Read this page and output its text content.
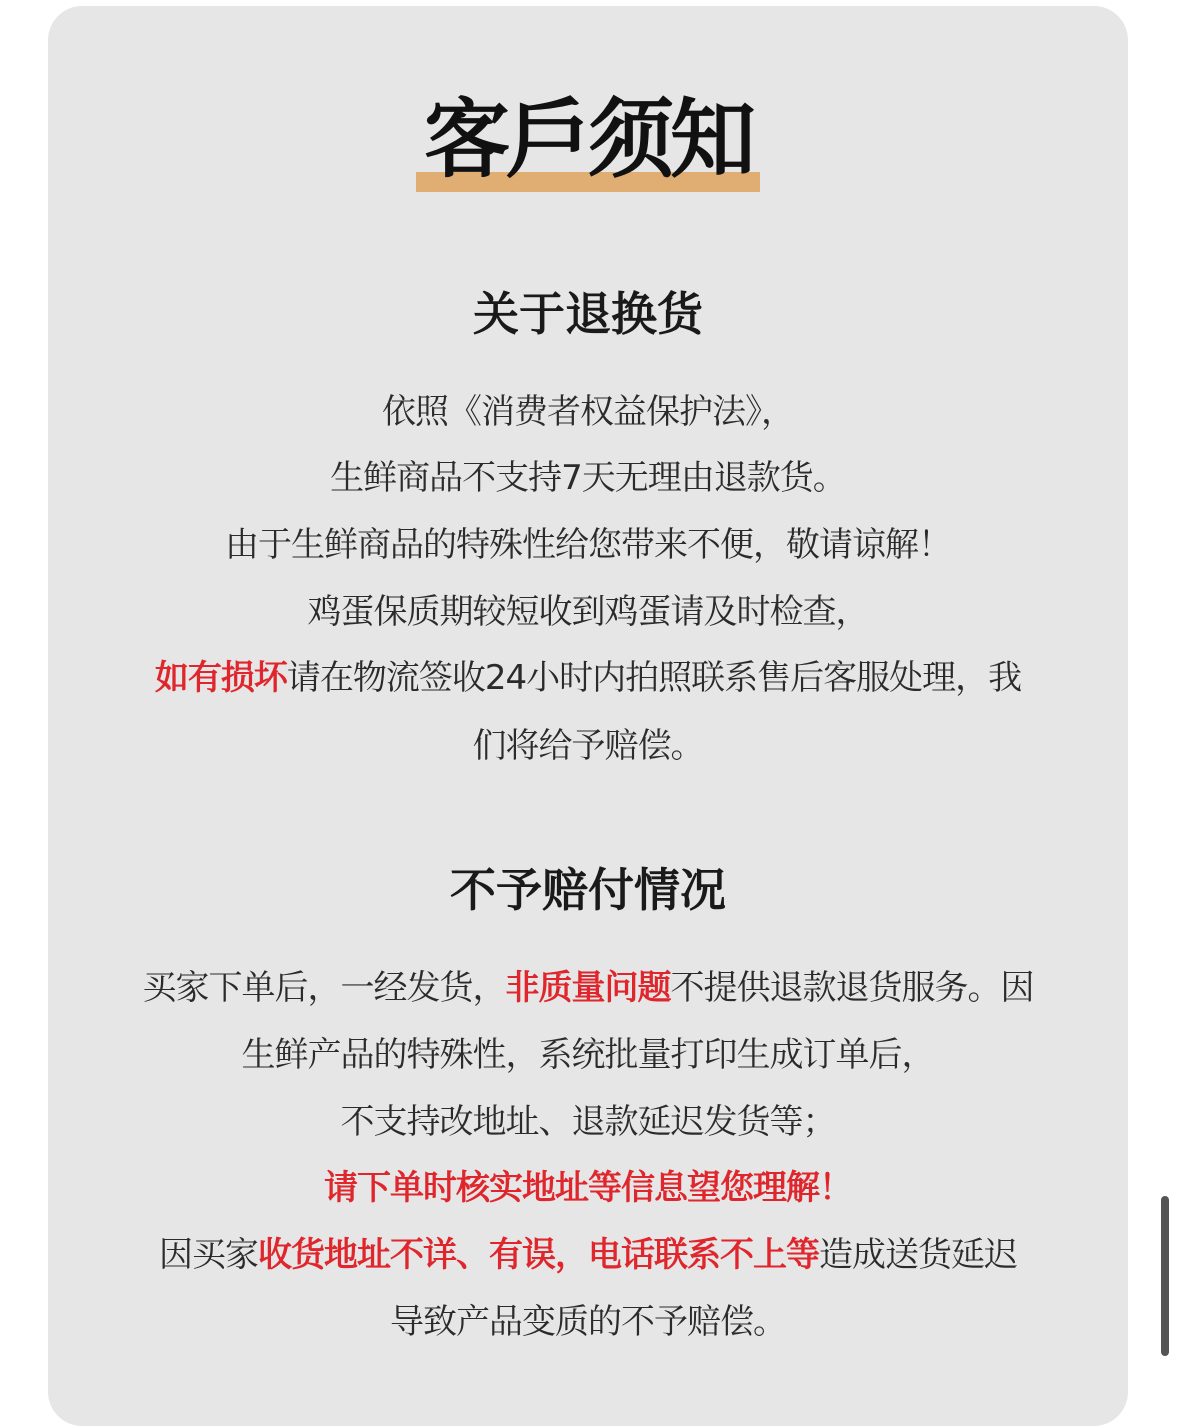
客戶须知
关于退换货
依照《消费者权益保护法》，
生鲜商品不支持7天无理由退款货。
由于生鲜商品的特殊性给您带来不便，敬请谅解！
鸡蛋保质期较短收到鸡蛋请及时检查，
如有损坏请在物流签收24小时内拍照联系售后客服处理，我
们将给予赔偿。
不予赔付情况
买家下单后，一经发货，非质量问题不提供退款退货服务。因
生鲜产品的特殊性，系统批量打印生成订单后，
不支持改地址、退款延迟发货等；
请下单时核实地址等信息望您理解！
因买家收货地址不详、有误，电话联系不上等造成送货延迟
导致产品变质的不予赔偿。
